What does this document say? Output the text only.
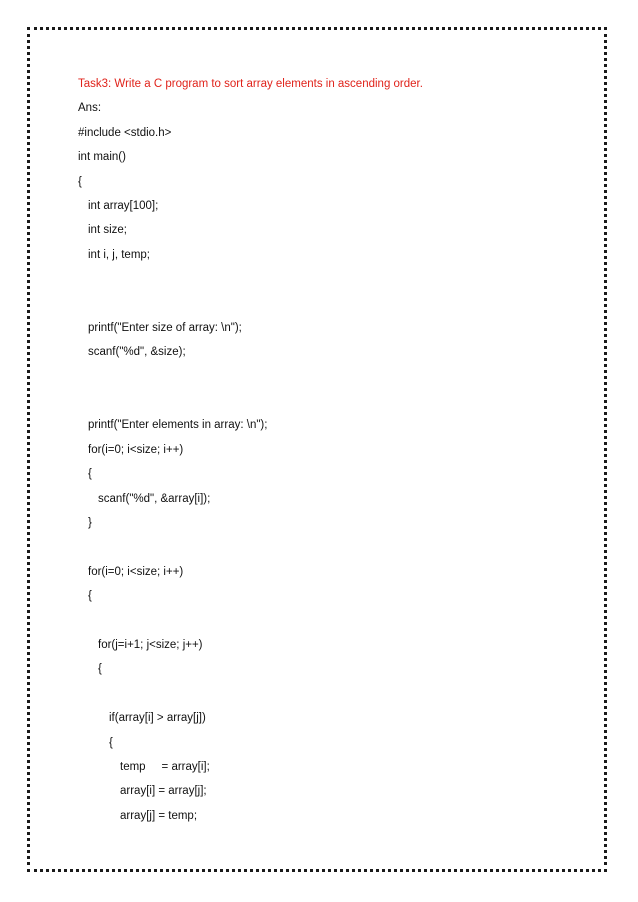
Task3: Write a C program to sort array elements in ascending order.
Ans:
#include <stdio.h>
int main()
{
int array[100];
int size;
int i, j, temp;
printf("Enter size of array: \n");
scanf("%d", &size);
printf("Enter elements in array: \n");
for(i=0; i<size; i++)
{
scanf("%d", &array[i]);
}
for(i=0; i<size; i++)
{
for(j=i+1; j<size; j++)
{
if(array[i] > array[j])
{
temp     = array[i];
array[i] = array[j];
array[j] = temp;
